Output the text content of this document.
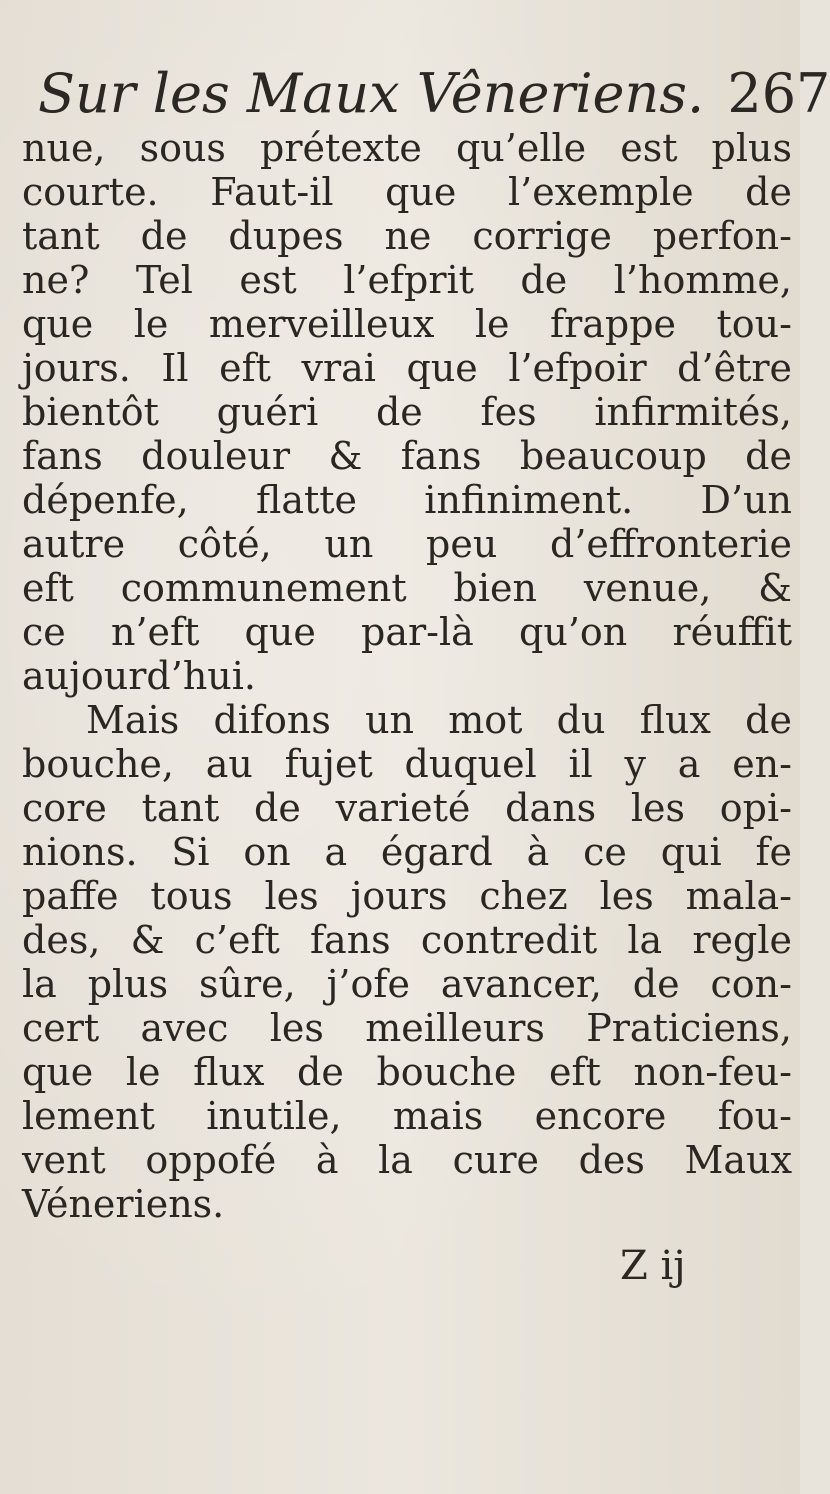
Sur les Maux Vêneriens. 267
nue, sous prétexte qu’elle est plus
courte. Faut-il que l’exemple de
tant de dupes ne corrige perfon-
ne? Tel est l’efprit de l’homme,
que le merveilleux le frappe tou-
jours. Il eft vrai que l’efpoir d’être
bientôt guéri de fes infirmités,
fans douleur & fans beaucoup de
dépenfe, flatte infiniment. D’un
autre côté, un peu d’effronterie
eft communement bien venue, &
ce n’eft que par-là qu’on réuffit
aujourd’hui.
Mais difons un mot du flux de
bouche, au fujet duquel il y a en-
core tant de varieté dans les opi-
nions. Si on a égard à ce qui fe
paffe tous les jours chez les mala-
des, & c’eft fans contredit la regle
la plus sûre, j’ofe avancer, de con-
cert avec les meilleurs Praticiens,
que le flux de bouche eft non-feu-
lement inutile, mais encore fou-
vent oppofé à la cure des Maux
Véneriens.
Z ij
